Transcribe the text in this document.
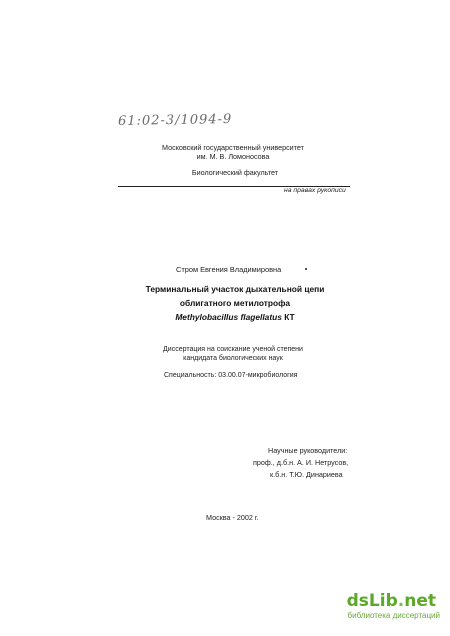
61:02-3/1094-9
Московский государственный университет
им. М. В. Ломоносова
Биологический факультет
на правах рукописи
Стром Евгения Владимировна
Терминальный участок дыхательной цепи
облигатного метилотрофа
Methylobacillus flagellatus КТ
Диссертация на соискание ученой степени
кандидата биологических наук
Специальность: 03.00.07-микробиология
Научные руководители:
проф., д.б.н. А. И. Нетрусов,
к.б.н. Т.Ю. Динариева
Москва - 2002 г.
dsLib.net
библиотека диссертаций
